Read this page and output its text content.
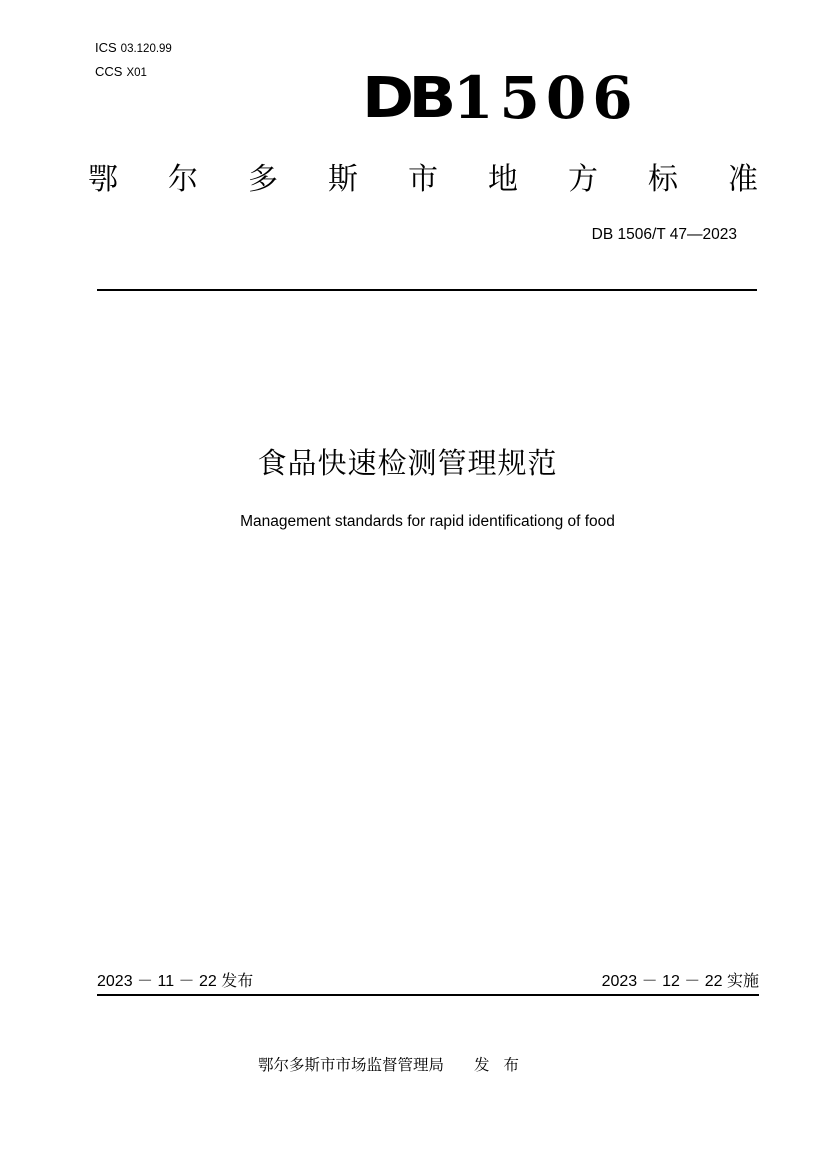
ICS 03.120.99
CCS X01	DB 1506
鄂 尔 多 斯 市 地 方 标 准
DB 1506/T 47—2023
食品快速检测管理规范
Management standards for rapid identificationg of food
2023 － 11 － 22 发布	2023 － 12 － 22 实施
鄂尔多斯市市场监督管理局 发布
